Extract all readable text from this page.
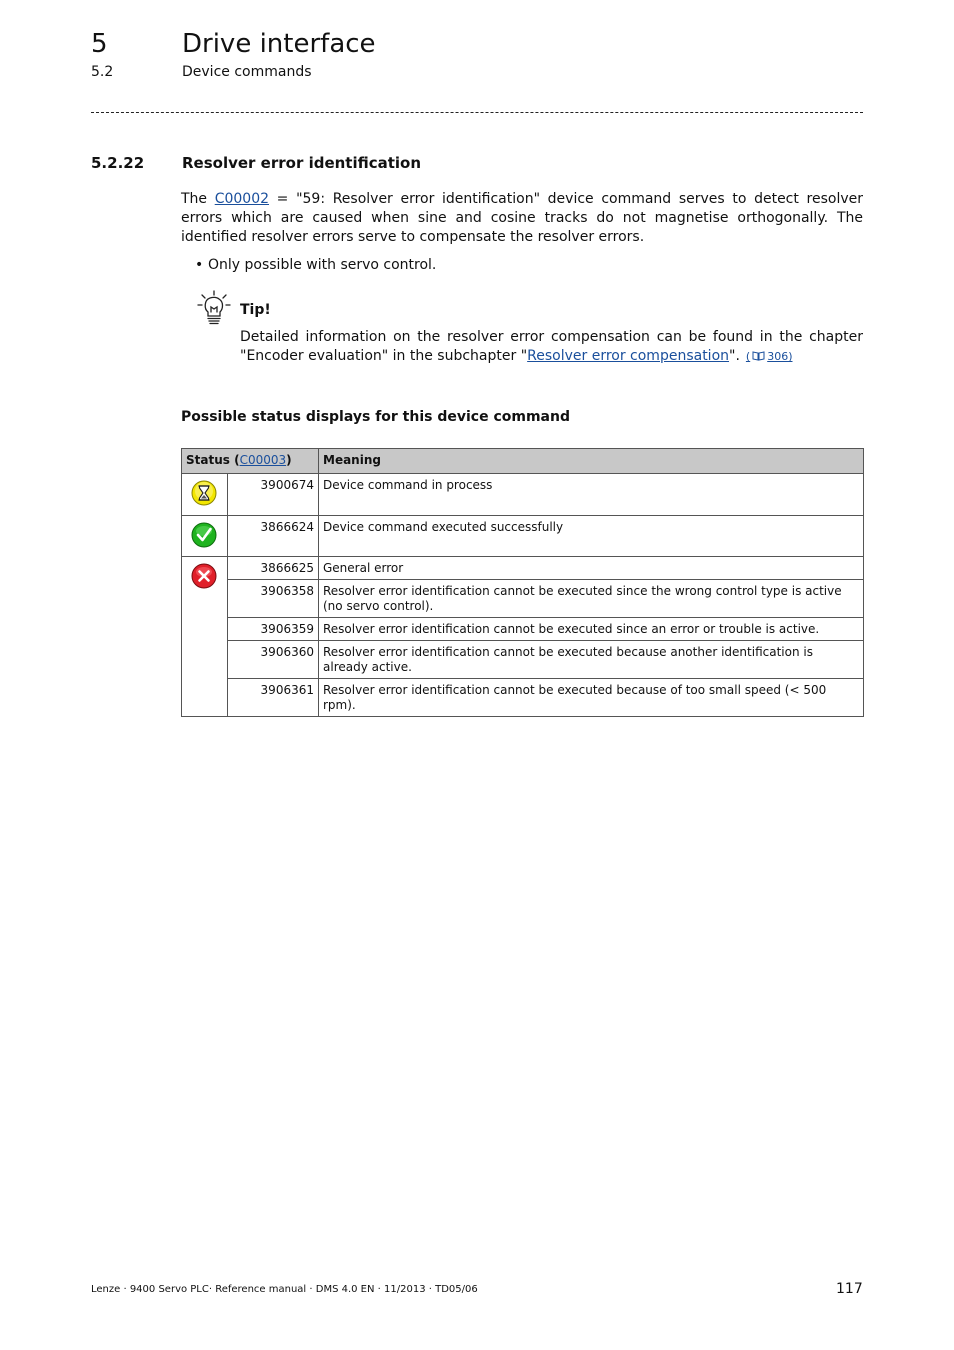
5	Drive interface
5.2	Device commands
5.2.22	Resolver error identification
The C00002 = "59: Resolver error identification" device command serves to detect resolver errors which are caused when sine and cosine tracks do not magnetise orthogonally. The identified resolver errors serve to compensate the resolver errors.
• Only possible with servo control.
Tip!
Detailed information on the resolver error compensation can be found in the chapter "Encoder evaluation" in the subchapter "Resolver error compensation". ( 306)
Possible status displays for this device command
Status (C00003)		Meaning

	3900674	Device command in process

	3866624	Device command executed successfully

	3866625	General error
	3906358	Resolver error identification cannot be executed since the wrong control type is active (no servo control).
	3906359	Resolver error identification cannot be executed since an error or trouble is active.
	3906360	Resolver error identification cannot be executed because another identification is already active.
	3906361	Resolver error identification cannot be executed because of too small speed (< 500 rpm).
Lenze · 9400 Servo PLC· Reference manual · DMS 4.0 EN · 11/2013 · TD05/06	117
